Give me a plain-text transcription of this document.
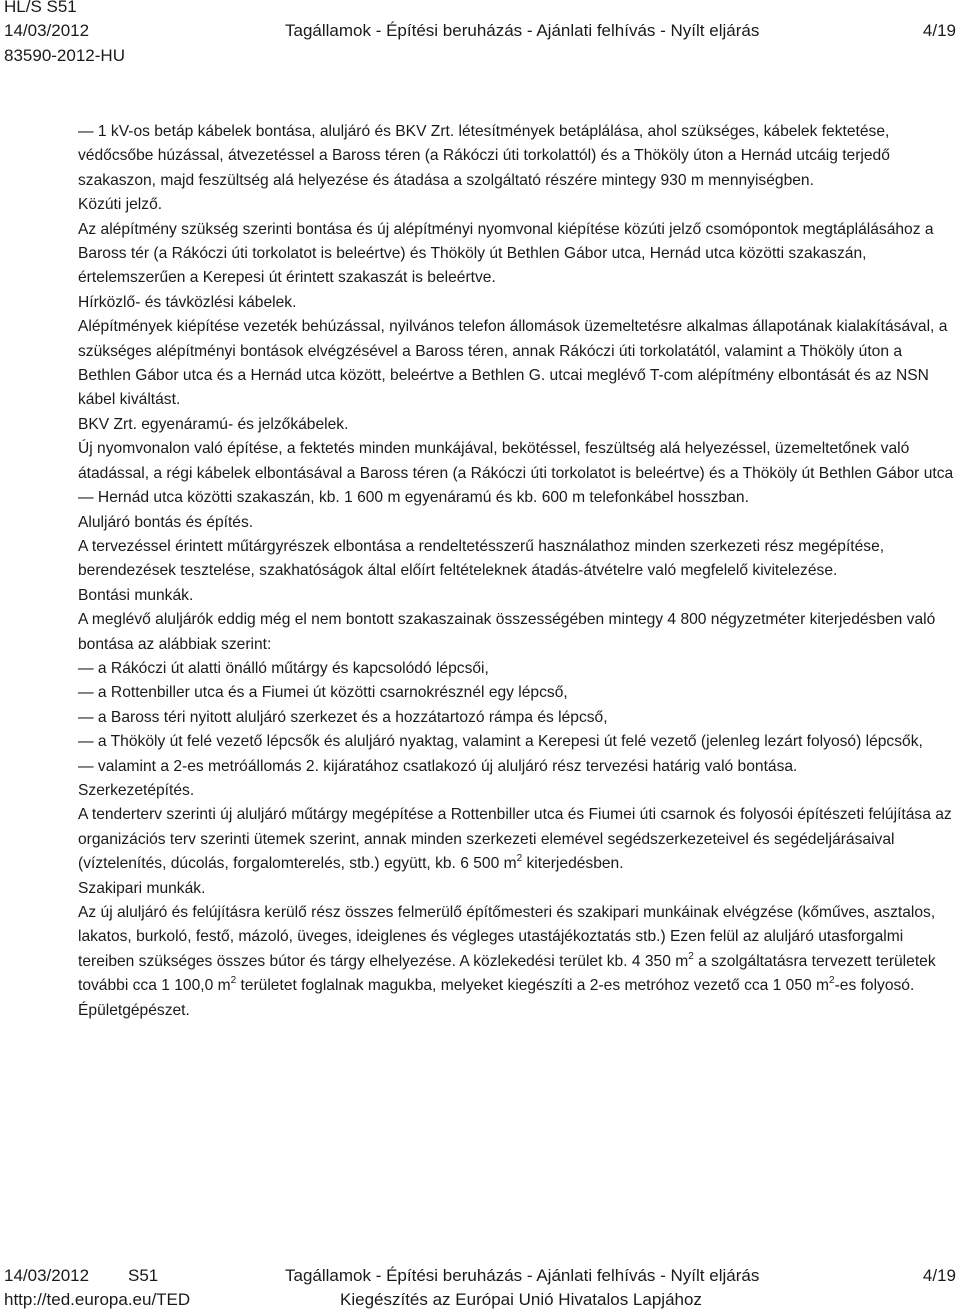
HL/S S51
14/03/2012	Tagállamok - Építési beruházás - Ajánlati felhívás - Nyílt eljárás	4/19
83590-2012-HU

— 1 kV-os betáp kábelek bontása, aluljáró és BKV Zrt. létesítmények betáplálása, ahol szükséges, kábelek fektetése, védőcsőbe húzással, átvezetéssel a Baross téren (a Rákóczi úti torkolattól) és a Thököly úton a Hernád utcáig terjedő szakaszon, majd feszültség alá helyezése és átadása a szolgáltató részére mintegy 930 m mennyiségben.

Közúti jelző.

Az alépítmény szükség szerinti bontása és új alépítményi nyomvonal kiépítése közúti jelző csomópontok megtáplálásához a Baross tér (a Rákóczi úti torkolatot is beleértve) és Thököly út Bethlen Gábor utca, Hernád utca közötti szakaszán, értelemszerűen a Kerepesi út érintett szakaszát is beleértve.

Hírközlő- és távközlési kábelek.

Alépítmények kiépítése vezeték behúzással, nyilvános telefon állomások üzemeltetésre alkalmas állapotának kialakításával, a szükséges alépítményi bontások elvégzésével a Baross téren, annak Rákóczi úti torkolatától, valamint a Thököly úton a Bethlen Gábor utca és a Hernád utca között, beleértve a Bethlen G. utcai meglévő T-com alépítmény elbontását és az NSN kábel kiváltást.

BKV Zrt. egyenáramú- és jelzőkábelek.

Új nyomvonalon való építése, a fektetés minden munkájával, bekötéssel, feszültség alá helyezéssel, üzemeltetőnek való átadással, a régi kábelek elbontásával a Baross téren (a Rákóczi úti torkolatot is beleértve) és a Thököly út Bethlen Gábor utca — Hernád utca közötti szakaszán, kb. 1 600 m egyenáramú és kb. 600 m telefonkábel hosszban.

Aluljáró bontás és építés.

A tervezéssel érintett műtárgyrészek elbontása a rendeltetésszerű használathoz minden szerkezeti rész megépítése, berendezések tesztelése, szakhatóságok által előírt feltételeknek átadás-átvételre való megfelelő kivitelezése.

Bontási munkák.

A meglévő aluljárók eddig még el nem bontott szakaszainak összességében mintegy 4 800 négyzetméter kiterjedésben való bontása az alábbiak szerint:

— a Rákóczi út alatti önálló műtárgy és kapcsolódó lépcsői,

— a Rottenbiller utca és a Fiumei út közötti csarnokrésznél egy lépcső,

— a Baross téri nyitott aluljáró szerkezet és a hozzátartozó rámpa és lépcső,

— a Thököly út felé vezető lépcsők és aluljáró nyaktag, valamint a Kerepesi út felé vezető (jelenleg lezárt folyosó) lépcsők,

— valamint a 2-es metróállomás 2. kijáratához csatlakozó új aluljáró rész tervezési határig való bontása.

Szerkezetépítés.

A tenderterv szerinti új aluljáró műtárgy megépítése a Rottenbiller utca és Fiumei úti csarnok és folyosói építészeti felújítása az organizációs terv szerinti ütemek szerint, annak minden szerkezeti elemével segédszerkezeteivel és segédeljárásaival (víztelenítés, dúcolás, forgalomterelés, stb.) együtt, kb. 6 500 $m^2$ kiterjedésben.

Szakipari munkák.

Az új aluljáró és felújításra kerülő rész összes felmerülő építőmesteri és szakipari munkáinak elvégzése (kőműves, asztalos, lakatos, burkoló, festő, mázoló, üveges, ideiglenes és végleges utastájékoztatás stb.) Ezen felül az aluljáró utasforgalmi tereiben szükséges összes bútor és tárgy elhelyezése. A közlekedési terület kb. 4 350 $m^2$ a szolgáltatásra tervezett területek további cca 1 100,0 $m^2$ területet foglalnak magukba, melyeket kiegészíti a 2-es metróhoz vezető cca 1 050 $m^2-es$ folyosó.

Épületgépészet.

14/03/2012 S51	Tagállamok - Építési beruházás - Ajánlati felhívás - Nyílt eljárás	4/19
http://ted.europa.eu/TED	Kiegészítés az Európai Unió Hivatalos Lapjához
